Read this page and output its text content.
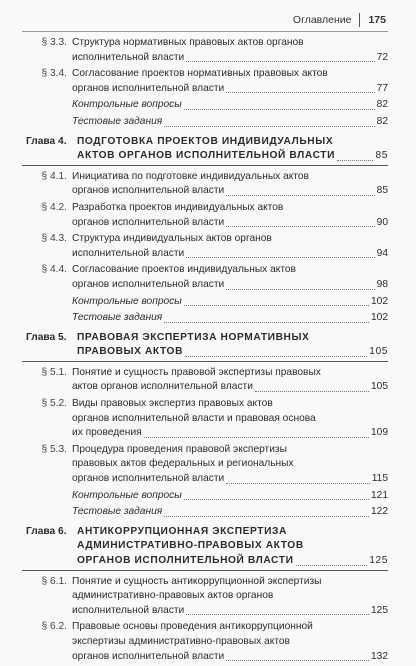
Оглавление 175
§ 3.3. Структура нормативных правовых актов органов
исполнительной власти	72
§ 3.4. Согласование проектов нормативных правовых актов
органов исполнительной власти	77
Контрольные вопросы	82
Тестовые задания	82
Глава 4.	ПОДГОТОВКА ПРОЕКТОВ ИНДИВИДУАЛЬНЫХ
АКТОВ ОРГАНОВ ИСПОЛНИТЕЛЬНОЙ ВЛАСТИ	85
§ 4.1. Инициатива по подготовке индивидуальных актов
органов исполнительной власти	85
§ 4.2. Разработка проектов индивидуальных актов
органов исполнительной власти	90
§ 4.3. Структура индивидуальных актов органов
исполнительной власти	94
§ 4.4. Согласование проектов индивидуальных актов
органов исполнительной власти	98
Контрольные вопросы	102
Тестовые задания	102
Глава 5.	ПРАВОВАЯ ЭКСПЕРТИЗА НОРМАТИВНЫХ
ПРАВОВЫХ АКТОВ	105
§ 5.1. Понятие и сущность правовой экспертизы правовых
актов органов исполнительной власти	105
§ 5.2. Виды правовых экспертиз правовых актов
органов исполнительной власти и правовая основа
их проведения	109
§ 5.3. Процедура проведения правовой экспертизы
правовых актов федеральных и региональных
органов исполнительной власти	115
Контрольные вопросы	121
Тестовые задания	122
Глава 6.	АНТИКОРРУПЦИОННАЯ ЭКСПЕРТИЗА
АДМИНИСТРАТИВНО-ПРАВОВЫХ АКТОВ
ОРГАНОВ ИСПОЛНИТЕЛЬНОЙ ВЛАСТИ	125
§ 6.1. Понятие и сущность антикоррупционной экспертизы
административно-правовых актов органов
исполнительной власти	125
§ 6.2. Правовые основы проведения антикоррупционной
экспертизы административно-правовых актов
органов исполнительной власти	132
